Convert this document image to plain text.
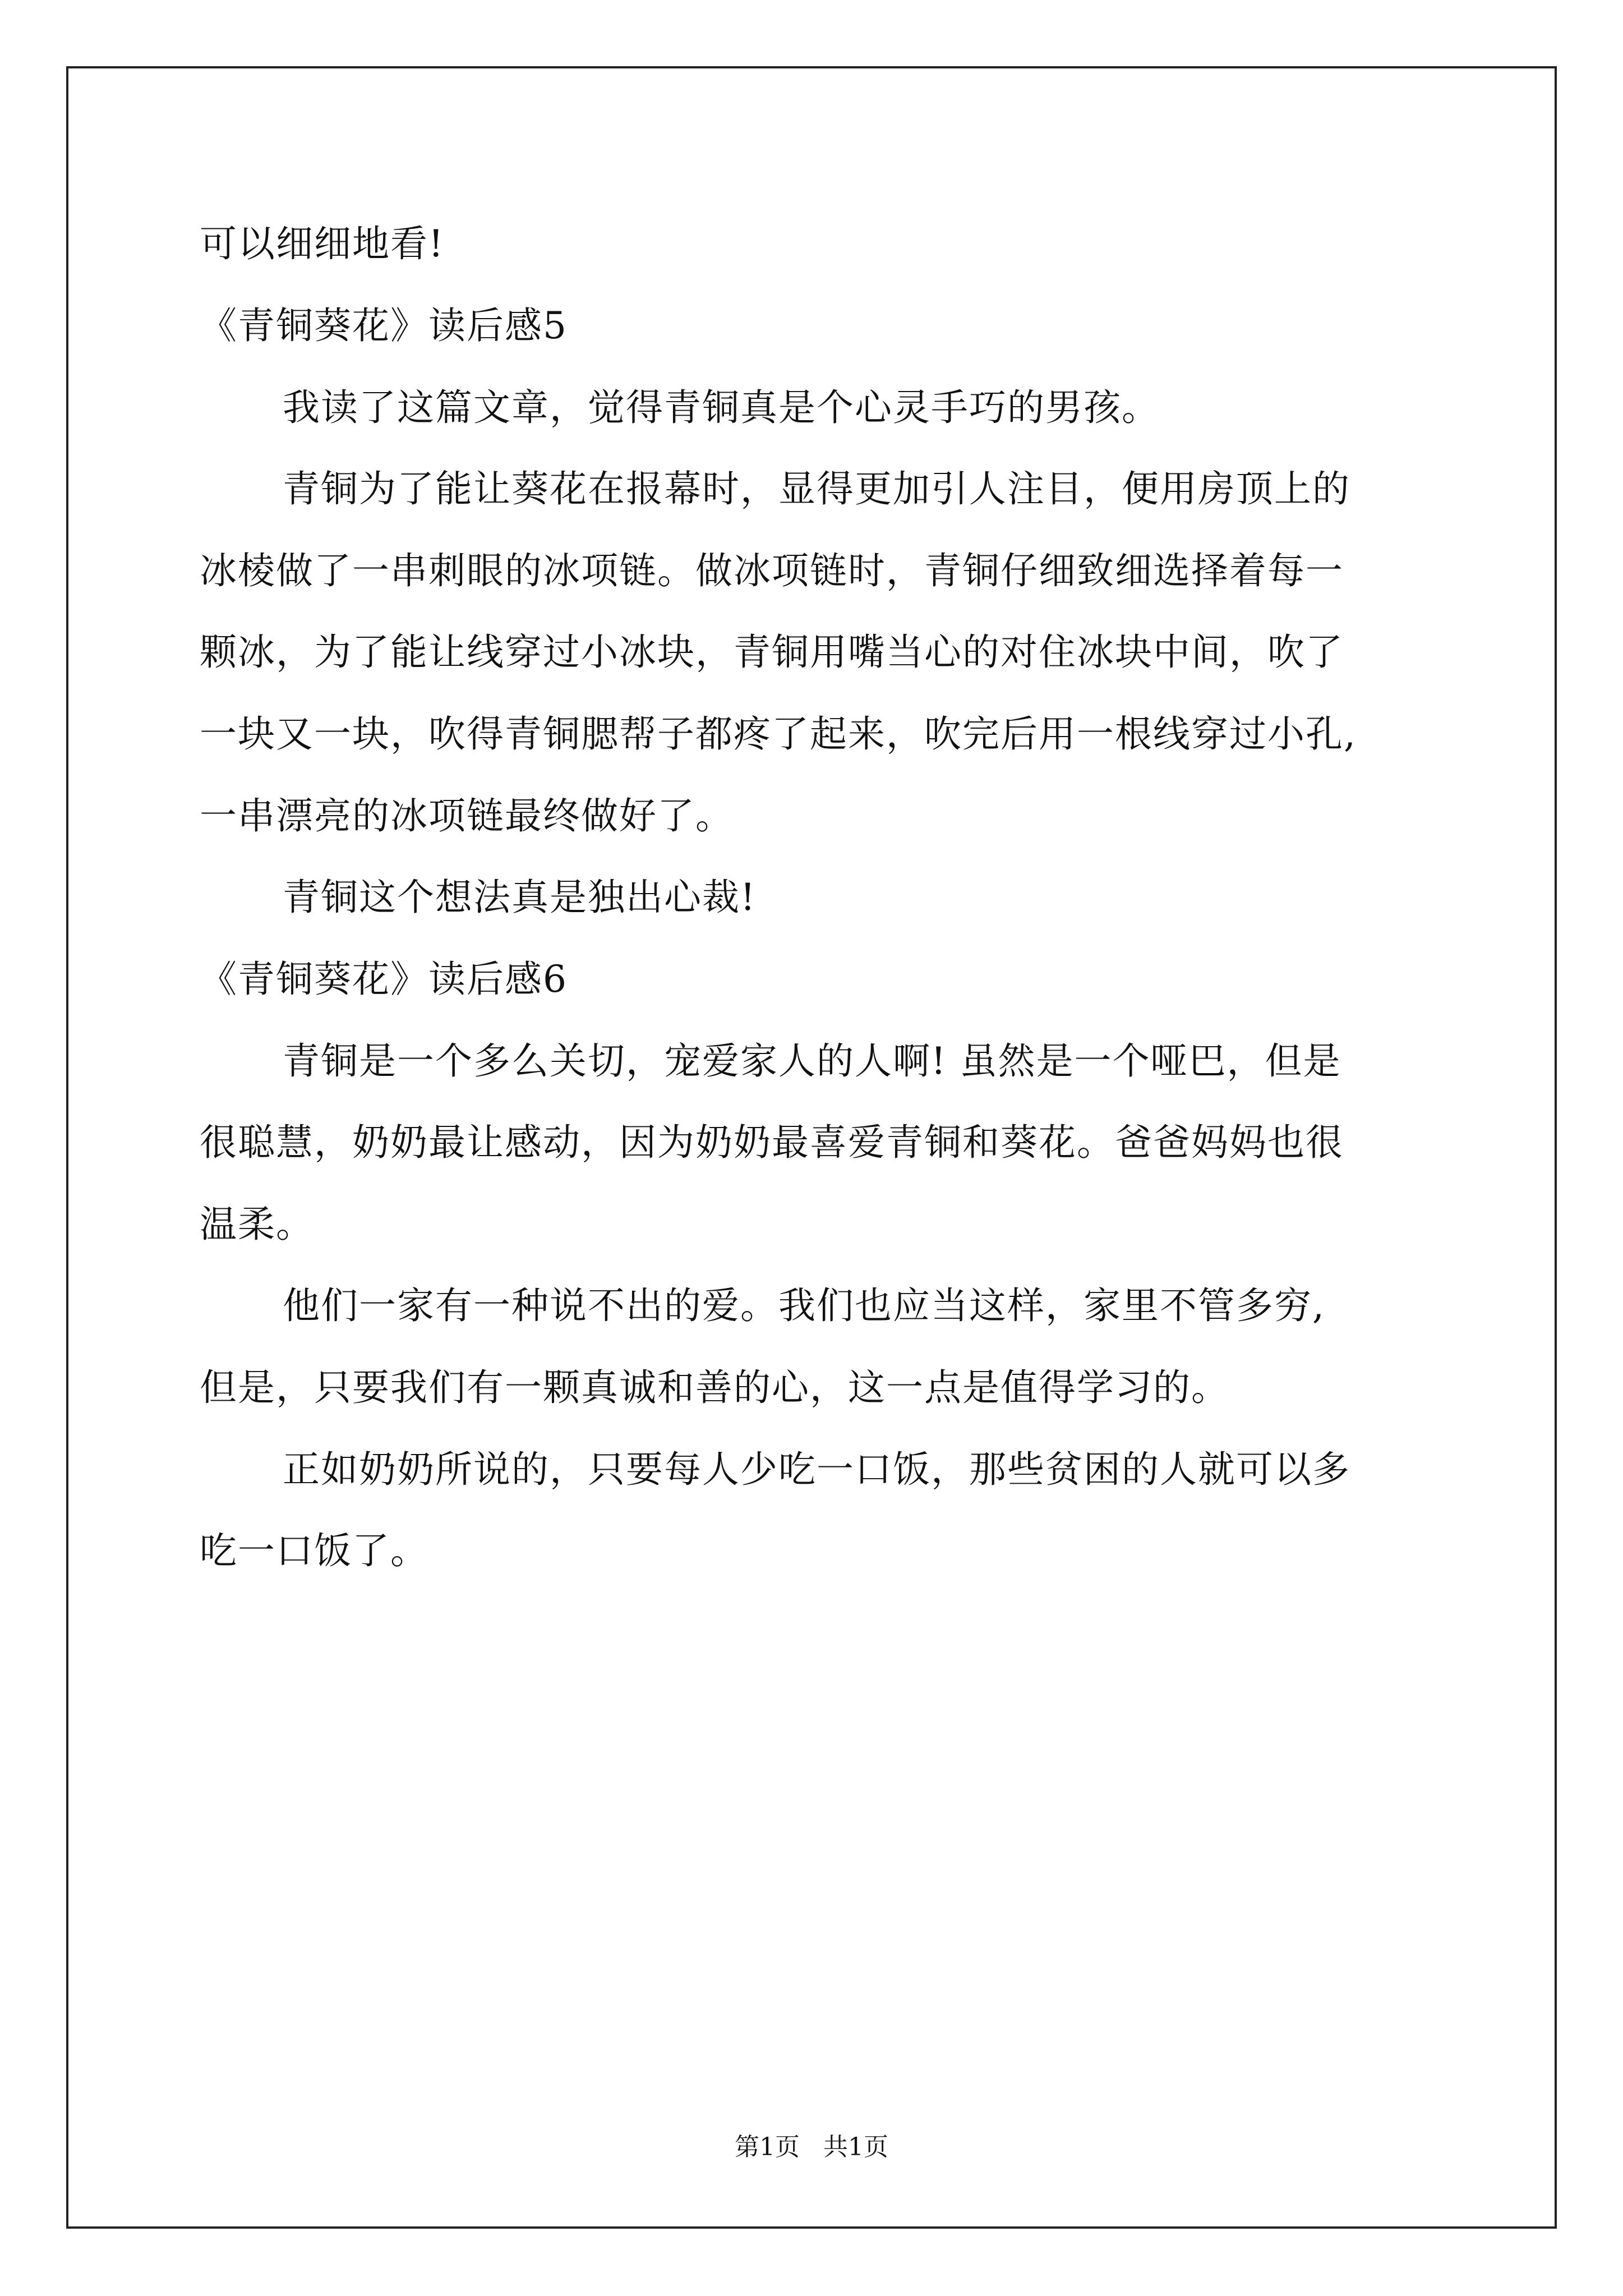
可以细细地看!
《青铜葵花》读后感5
我读了这篇文章，觉得青铜真是个心灵手巧的男孩。
青铜为了能让葵花在报幕时，显得更加引人注目，便用房顶上的
冰棱做了一串刺眼的冰项链。做冰项链时，青铜仔细致细选择着每一
颗冰，为了能让线穿过小冰块，青铜用嘴当心的对住冰块中间，吹了
一块又一块，吹得青铜腮帮子都疼了起来，吹完后用一根线穿过小孔,
一串漂亮的冰项链最终做好了。
青铜这个想法真是独出心裁!
《青铜葵花》读后感6
青铜是一个多么关切，宠爱家人的人啊! 虽然是一个哑巴，但是
很聪慧，奶奶最让感动，因为奶奶最喜爱青铜和葵花。爸爸妈妈也很
温柔。
他们一家有一种说不出的爱。我们也应当这样，家里不管多穷,
但是，只要我们有一颗真诚和善的心，这一点是值得学习的。
正如奶奶所说的，只要每人少吃一口饭，那些贫困的人就可以多
吃一口饭了。
第1页   共1页
